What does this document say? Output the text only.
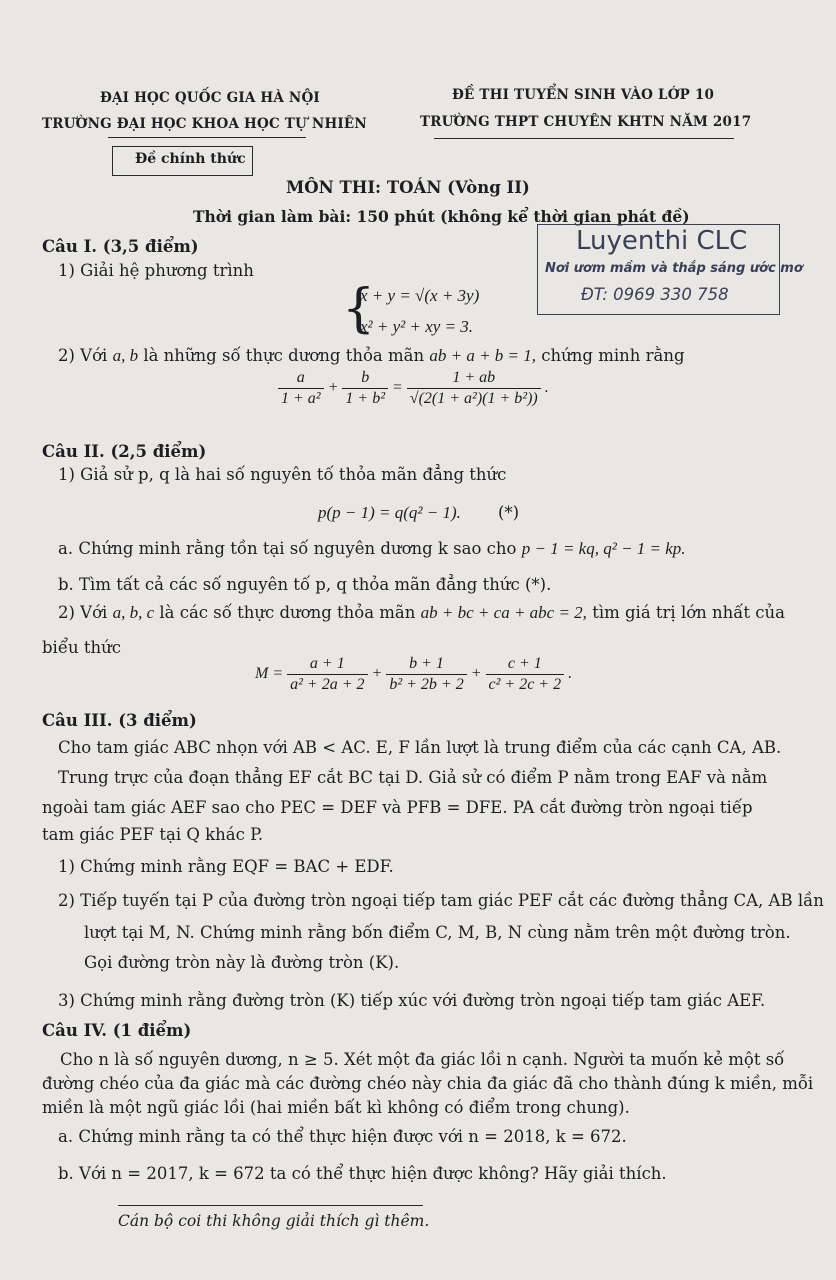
ĐẠI HỌC QUỐC GIA HÀ NỘI
TRƯỜNG ĐẠI HỌC KHOA HỌC TỰ NHIÊN
ĐỀ THI TUYỂN SINH VÀO LỚP 10
TRƯỜNG THPT CHUYÊN KHTN NĂM 2017
Đề chính thức
MÔN THI: TOÁN (Vòng II)
Thời gian làm bài: 150 phút (không kể thời gian phát đề)
Luyenthi CLC
Nơi ươm mầm và thắp sáng ước mơ
ĐT: 0969 330 758
Câu I. (3,5 điểm)
1) Giải hệ phương trình
{
x + y = √(x + 3y)
x² + y² + xy = 3.
2) Với a, b là những số thực dương thỏa mãn ab + a + b = 1, chứng minh rằng
$\frac{a}{\text{1 + a²}} + \frac{b}{\text{1 + b²}} = \frac{1 + ab}{\text{√(2(1 + a²)(1 + b²))}}$ .
Câu II. (2,5 điểm)
1) Giả sử p, q là hai số nguyên tố thỏa mãn đẳng thức
p(p − 1) = q(q² − 1). (*)
a. Chứng minh rằng tồn tại số nguyên dương k sao cho p − 1 = kq, q² − 1 = kp.
b. Tìm tất cả các số nguyên tố p, q thỏa mãn đẳng thức (*).
2) Với a, b, c là các số thực dương thỏa mãn ab + bc + ca + abc = 2, tìm giá trị lớn nhất của
biểu thức
$M = \frac{a + 1}{\text{a² + 2a + 2}} + \frac{b + 1}{\text{b² + 2b + 2}} + \frac{c + 1}{\text{c² + 2c + 2}}$ .
Câu III. (3 điểm)
Cho tam giác ABC nhọn với AB < AC. E, F lần lượt là trung điểm của các cạnh CA, AB.
Trung trực của đoạn thẳng EF cắt BC tại D. Giả sử có điểm P nằm trong EAF và nằm
ngoài tam giác AEF sao cho PEC = DEF và PFB = DFE. PA cắt đường tròn ngoại tiếp
tam giác PEF tại Q khác P.
1) Chứng minh rằng EQF = BAC + EDF.
2) Tiếp tuyến tại P của đường tròn ngoại tiếp tam giác PEF cắt các đường thẳng CA, AB lần
lượt tại M, N. Chứng minh rằng bốn điểm C, M, B, N cùng nằm trên một đường tròn.
Gọi đường tròn này là đường tròn (K).
3) Chứng minh rằng đường tròn (K) tiếp xúc với đường tròn ngoại tiếp tam giác AEF.
Câu IV. (1 điểm)
Cho n là số nguyên dương, n ≥ 5. Xét một đa giác lồi n cạnh. Người ta muốn kẻ một số
đường chéo của đa giác mà các đường chéo này chia đa giác đã cho thành đúng k miền, mỗi
miền là một ngũ giác lồi (hai miền bất kì không có điểm trong chung).
a. Chứng minh rằng ta có thể thực hiện được với n = 2018, k = 672.
b. Với n = 2017, k = 672 ta có thể thực hiện được không? Hãy giải thích.
Cán bộ coi thi không giải thích gì thêm.
